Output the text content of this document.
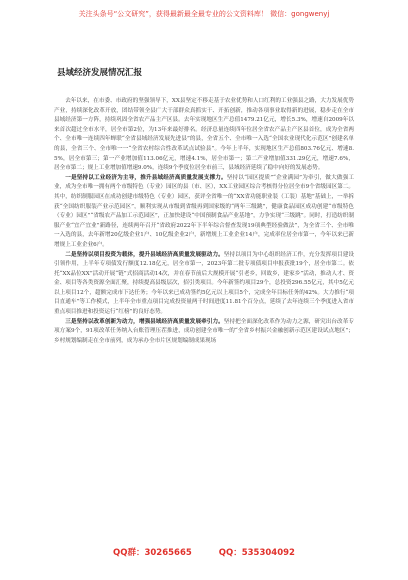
关注头条号“公文研究”，获得最新最全最专业的公文资料库！ 微信：gongwenyj
县域经济发展情况汇报

去年以来，在市委、市政府的坚强领导下，XX县坚定不移走基于农业优势和人口红利的工业强县之路，大力发展优势产业，持续深化改革开放，团结带领全县广大干部群众真抓实干、开拓创新，推动各项事业取得新的进展，稳步走在全市县域经济第一方阵，持续巩固全省农产品主产区县。去年实现地区生产总值1479.21亿元，增长5.3%，增速自2009年以来首次超过全市水平，居全市第2位，为13年来最好排名。经济总量连续四年位居全省农产品主产区县首位，成为全省两个、全市唯一连续四年蝉联“全省县域经济发展先进县”的县，全省五个、全市唯一入选“全国农业现代化示范区”创建名单的县，全省三个、全市唯一一“全省农村综合性改革试点试验县”。今年上半年，实现地区生产总值803.76亿元、增速8.5%，居全市第三；第一产业增加值113.06亿元，增速4.1%，居全市第一；第二产业增加值331.29亿元，增速7.6%，居全市第二；规上工业增加值增速9.0%，连续9个季度位居全市前三，县域经济延续了稳中向好的发展态势。

一是坚持以工业经济为主导，推升县域经济高质量发展支撑力。坚持以“园区提质”“企业满园”为牵引，做大做强工业，成为全市唯一拥有两个市级特色（专业）园区的县（市、区），XX工业园区综合考核得分位居全市9个省级园区第二。其中，纺织制服园区在成功创建市级特色（专业）园区，获评全省唯一的“XX省功能职业装（工装）基地”基础上，一举拆获“全国纺织服装产业示范园区”，顺利实现从市级到省级再到国家级的“两年三级跳”，健康食品园区成功创建“市级特色（专业）园区”“省级农产品加工示范园区”，正加快建设“中国预制食品产业基地”，力争实现“三级跳”。同时，打造纺织制服产业“宜产宜业”新路径，连续两年召开“省政府2022年下半年综合督查发现19项典型经验做法”，为全省三个、全市唯一入选的县，去年新增20亿级企业1户、10亿级企业2户，新增规上工业企业14户，完成率位居全市第一，今年以来已新增规上工业企业6户。

二是坚持以项目投资为载体，提升县域经济高质量发展驱动力。坚持以项目为中心组织经济工作，充分发挥项目建设引领作用，上半年专项债发行额度12.18亿元，居全市第一，2023年第二批专项债项目申报获批19个，居全市第二。依托“XX品位XX”活动开展“链”式招商活动14次，并在春节前后大规模开展“引老乡，回故乡，建家乡”活动，推动人才、资金、项目等各类资源全面汇聚，持续提高县级层次，招引类项目。今年新签约项目29个，总投资296.55亿元，其中5亿元以上项目12个，超额完成市下达任务；今年以来已成功签约5亿元以上项目5个，完成全年目标任务的42%。大力推行“项目直通车”等工作模式，上半年全市重点项目完成投资量两千时间进度11.81个百分点，延续了去年连续三个季度进入省市重点项目推进和投资运行“红榜”的良好态势。

三是坚持以改革创新为动力，增强县域经济高质量发展牵引力。坚持把全面深化改革作为动力之源，研究出台改革专项方案9个，91项改革任务纳入台账管理压茬推进，成功创建全市唯一的“全省乡村振兴金融创新示范区建设试点地区”；乡村规划编制走在全市前列，成为承办全市片区规划编制成果现场

QQ群：30265665	QQ：535304092
